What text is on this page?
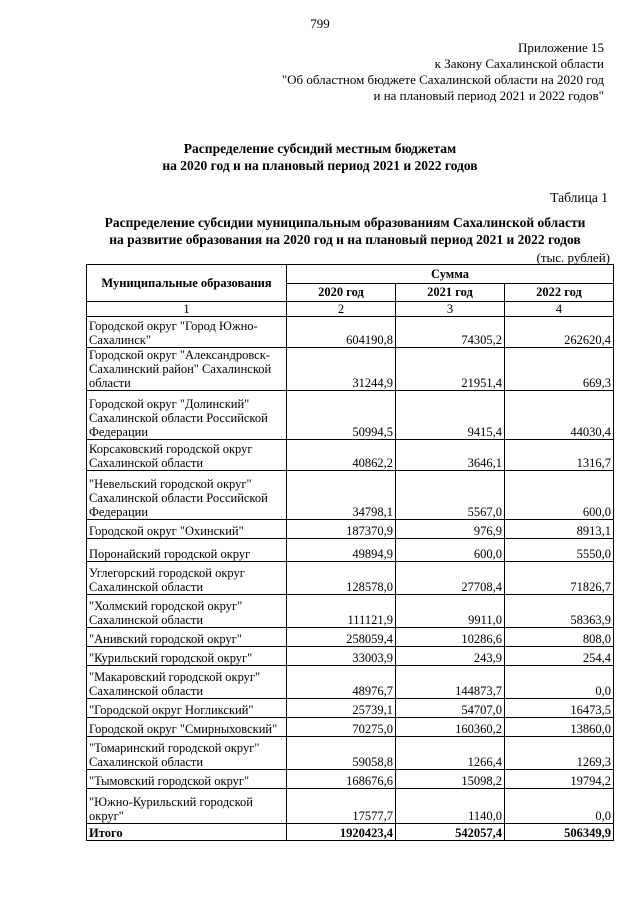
799
Приложение 15
к Закону Сахалинской области
"Об областном бюджете Сахалинской области на 2020 год
и на плановый период 2021 и 2022 годов"
Распределение субсидий местным бюджетам
на 2020 год и на плановый период 2021 и 2022 годов
Таблица 1
Распределение субсидии муниципальным образованиям Сахалинской области
на развитие образования на 2020 год и на плановый период 2021 и 2022 годов
(тыс. рублей)
Муниципальные образования	Сумма		
	2020 год	2021 год	2022 год
1	2	3	4
Городской округ "Город Южно-Сахалинск"	604190,8	74305,2	262620,4
Городской округ "Александровск-Сахалинский район" Сахалинской области	31244,9	21951,4	669,3
Городской округ "Долинский" Сахалинской области Российской Федерации	50994,5	9415,4	44030,4
Корсаковский городской округ Сахалинской области	40862,2	3646,1	1316,7
"Невельский городской округ" Сахалинской области Российской Федерации	34798,1	5567,0	600,0
Городской округ "Охинский"	187370,9	976,9	8913,1
Поронайский городской округ	49894,9	600,0	5550,0
Углегорский городской округ Сахалинской области	128578,0	27708,4	71826,7
"Холмский городской округ" Сахалинской области	111121,9	9911,0	58363,9
"Анивский городской округ"	258059,4	10286,6	808,0
"Курильский городской округ"	33003,9	243,9	254,4
"Макаровский городской округ" Сахалинской области	48976,7	144873,7	0,0
"Городской округ Ногликский"	25739,1	54707,0	16473,5
Городской округ "Смирныховский"	70275,0	160360,2	13860,0
"Томаринский городской округ" Сахалинской области	59058,8	1266,4	1269,3
"Тымовский городской округ"	168676,6	15098,2	19794,2
"Южно-Курильский городской округ"	17577,7	1140,0	0,0
Итого	1920423,4	542057,4	506349,9
